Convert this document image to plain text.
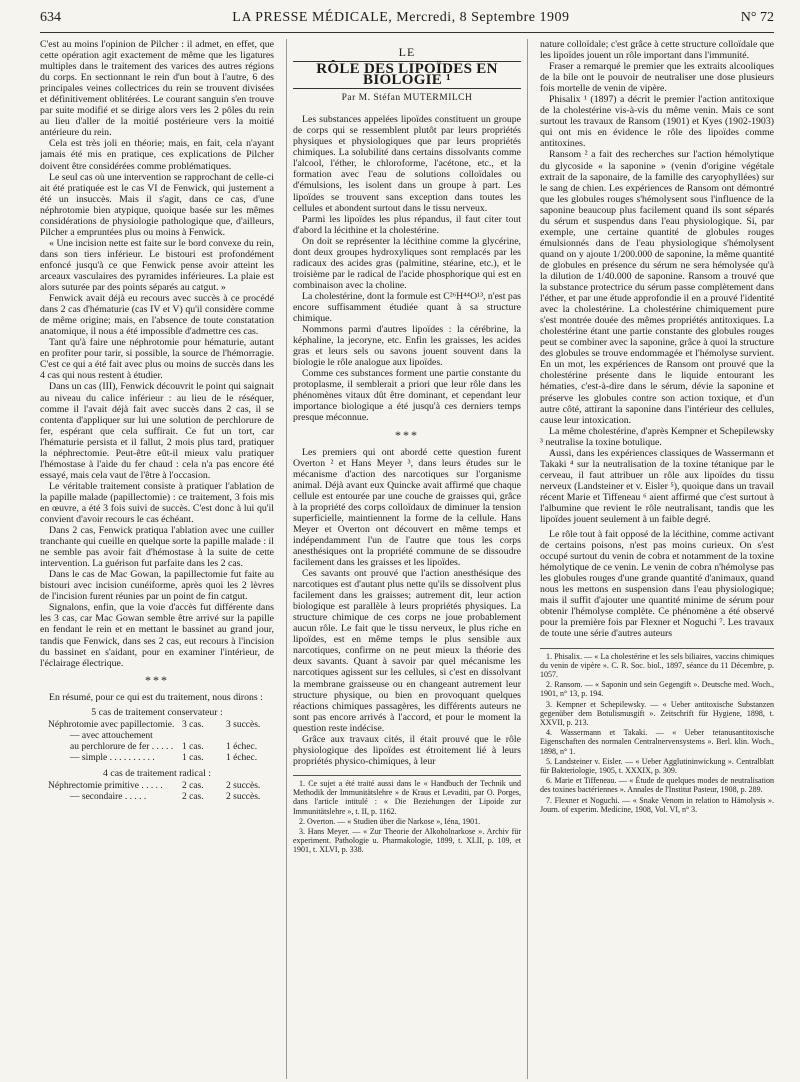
634	LA PRESSE MÉDICALE, Mercredi, 8 Septembre 1909	N° 72

C'est au moins l'opinion de Pilcher : il admet, en effet, que cette opération agit exactement de même que les ligatures multiples dans le traitement des varices des autres régions du corps. En sectionnant le rein d'un bout à l'autre, 6 des principales veines collectrices du rein se trouvent divisées et définitivement oblitérées. Le courant sanguin s'en trouve par suite modifié et se dirige alors vers les 2 pôles du rein au lieu d'aller de la moitié postérieure vers la moitié antérieure du rein.

Cela est très joli en théorie; mais, en fait, cela n'ayant jamais été mis en pratique, ces explications de Pilcher doivent être considérées comme problématiques.

Le seul cas où une intervention se rapprochant de celle-ci ait été pratiquée est le cas VI de Fenwick, qui justement a été un insuccès. Mais il s'agit, dans ce cas, d'une néphrotomie bien atypique, quoique basée sur les mêmes considérations de physiologie pathologique que, d'ailleurs, Pilcher a empruntées plus ou moins à Fenwick.

« Une incision nette est faite sur le bord convexe du rein, dans son tiers inférieur. Le bistouri est profondément enfoncé jusqu'à ce que Fenwick pense avoir atteint les arceaux vasculaires des pyramides inférieures. La plaie est alors suturée par des points séparés au catgut. »

Fenwick avait déjà eu recours avec succès à ce procédé dans 2 cas d'hématurie (cas IV et V) qu'il considère comme de même origine; mais, en l'absence de toute constatation anatomique, il nous a été impossible d'admettre ces cas.

Tant qu'à faire une néphrotomie pour hématurie, autant en profiter pour tarir, si possible, la source de l'hémorragie. C'est ce qui a été fait avec plus ou moins de succès dans les 4 cas qui nous restent à étudier.

Dans un cas (III), Fenwick découvrit le point qui saignait au niveau du calice inférieur : au lieu de le réséquer, comme il l'avait déjà fait avec succès dans 2 cas, il se contenta d'appliquer sur lui une solution de perchlorure de fer, espérant que cela suffirait. Ce fut un tort, car l'hématurie persista et il fallut, 2 mois plus tard, pratiquer la néphrectomie. Peut-être eût-il mieux valu pratiquer l'hémostase à l'aide du fer chaud : cela n'a pas encore été essayé, mais cela vaut de l'être à l'occasion.

Le véritable traitement consiste à pratiquer l'ablation de la papille malade (papillectomie) : ce traitement, 3 fois mis en œuvre, a été 3 fois suivi de succès. C'est donc à lui qu'il convient d'avoir recours le cas échéant.

Dans 2 cas, Fenwick pratiqua l'ablation avec une cuiller tranchante qui cueille en quelque sorte la papille malade : il ne semble pas avoir fait d'hémostase à la suite de cette intervention. La guérison fut parfaite dans les 2 cas.

Dans le cas de Mac Gowan, la papillectomie fut faite au bistouri avec incision cunéiforme, après quoi les 2 lèvres de l'incision furent réunies par un point de fin catgut.

Signalons, enfin, que la voie d'accès fut différente dans les 3 cas, car Mac Gowan semble être arrivé sur la papille en fendant le rein et en mettant le bassinet au grand jour, tandis que Fenwick, dans ses 2 cas, eut recours à l'incision du bassinet en s'aidant, pour en examiner l'intérieur, de l'éclairage électrique.

***

En résumé, pour ce qui est du traitement, nous dirons :

5 cas de traitement conservateur :
Néphrotomie avec papillectomie. 3 cas.	3 succès.
— avec attouchement
au perchlorure de fer . . . . . 1 cas.	1 échec.
— simple . . . . . . . . . .	1 cas.	1 échec.
4 cas de traitement radical :
Néphrectomie primitive . . . . .	2 cas.	2 succès.
— secondaire . . . . .	2 cas.	2 succès.
LE
RÔLE DES LIPOÏDES EN BIOLOGIE ¹
Par M. Stéfan MUTERMILCH

Les substances appelées lipoïdes constituent un groupe de corps qui se ressemblent plutôt par leurs propriétés physiques et physiologiques que par leurs propriétés chimiques. La solubilité dans certains dissolvants comme l'alcool, l'éther, le chloroforme, l'acétone, etc., et la formation avec l'eau de solutions colloïdales ou d'émulsions, les isolent dans un groupe à part. Les lipoïdes se trouvent sans exception dans toutes les cellules et abondent surtout dans le tissu nerveux.

Parmi les lipoïdes les plus répandus, il faut citer tout d'abord la lécithine et la cholestérine.

On doit se représenter la lécithine comme la glycérine, dont deux groupes hydroxyliques sont remplacés par les radicaux des acides gras (palmitine, stéarine, etc.), et le troisième par le radical de l'acide phosphorique qui est en combinaison avec la choline.

La cholestérine, dont la formule est C²⁶H⁴⁴O¹³, n'est pas encore suffisamment étudiée quant à sa structure chimique.

Nommons parmi d'autres lipoïdes : la cérébrine, la képhaline, la jecoryne, etc. Enfin les graisses, les acides gras et leurs sels ou savons jouent souvent dans la biologie le rôle analogue aux lipoïdes.

Comme ces substances forment une partie constante du protoplasme, il semblerait a priori que leur rôle dans les phénomènes vitaux dût être dominant, et cependant leur importance biologique a été jusqu'à ces derniers temps presque méconnue.

***

Les premiers qui ont abordé cette question furent Overton ² et Hans Meyer ³, dans leurs études sur le mécanisme d'action des narcotiques sur l'organisme animal. Déjà avant eux Quincke avait affirmé que chaque cellule est entourée par une couche de graisses qui, grâce à la propriété des corps colloïdaux de diminuer la tension superficielle, maintiennent la forme de la cellule. Hans Meyer et Overton ont découvert en même temps et indépendamment l'un de l'autre que tous les corps anesthésiques ont la propriété commune de se dissoudre facilement dans les graisses et les lipoïdes.

Ces savants ont prouvé que l'action anesthésique des narcotiques est d'autant plus nette qu'ils se dissolvent plus facilement dans les graisses; autrement dit, leur action biologique est parallèle à leurs propriétés physiques. La structure chimique de ces corps ne joue probablement aucun rôle. Le fait que le tissu nerveux, le plus riche en lipoïdes, est en même temps le plus sensible aux narcotiques, confirme on ne peut mieux la théorie des deux savants. Quant à savoir par quel mécanisme les narcotiques agissent sur les cellules, si c'est en dissolvant la membrane graisseuse ou en changeant autrement leur structure physique, ou bien en provoquant quelques réactions chimiques passagères, les différents auteurs ne sont pas encore arrivés à l'accord, et pour le moment la question reste indécise.

Grâce aux travaux cités, il était prouvé que le rôle physiologique des lipoïdes est étroitement lié à leurs propriétés physico-chimiques, à leur

1. Ce sujet a été traité aussi dans le « Handbuch der Technik und Methodik der Immunitätslehre » de Kraus et Levaditi, par O. Porges, dans l'article intitulé : « Die Beziehungen der Lipoide zur Immunitätslehre », t. II, p. 1162.

2. Overton. — « Studien über die Narkose », Iéna, 1901.

3. Hans Meyer. — « Zur Theorie der Alkoholnarkose ». Archiv für experiment. Pathologie u. Pharmakologie, 1899, t. XLII, p. 109, et 1901, t. XLVI, p. 338.

nature colloïdale; c'est grâce à cette structure colloïdale que les lipoïdes jouent un rôle important dans l'immunité.

Fraser a remarqué le premier que les extraits alcooliques de la bile ont le pouvoir de neutraliser une dose plusieurs fois mortelle de venin de vipère.

Phisalix ¹ (1897) a décrit le premier l'action antitoxique de la cholestérine vis-à-vis du même venin. Mais ce sont surtout les travaux de Ransom (1901) et Kyes (1902-1903) qui ont mis en évidence le rôle des lipoïdes comme antitoxines.

Ransom ² a fait des recherches sur l'action hémolytique du glycoside « la saponine » (venin d'origine végétale extrait de la saponaire, de la famille des caryophyllées) sur le sang de chien. Les expériences de Ransom ont démontré que les globules rouges s'hémolysent sous l'influence de la saponine beaucoup plus facilement quand ils sont séparés du sérum et suspendus dans l'eau physiologique. Si, par exemple, une certaine quantité de globules rouges émulsionnés dans de l'eau physiologique s'hémolysent quand on y ajoute 1/200.000 de saponine, la même quantité de globules en présence du sérum ne sera hémolysée qu'à la dilution de 1/40.000 de saponine. Ransom a trouvé que la substance protectrice du sérum passe complètement dans l'éther, et par une étude approfondie il en a prouvé l'identité avec la cholestérine. La cholestérine chimiquement pure s'est montrée douée des mêmes propriétés antitoxiques. La cholestérine étant une partie constante des globules rouges peut se combiner avec la saponine, grâce à quoi la structure des globules se trouve endommagée et l'hémolyse survient. En un mot, les expériences de Ransom ont prouvé que la cholestérine présente dans le liquide entourant les hématies, c'est-à-dire dans le sérum, dévie la saponine et préserve les globules contre son action toxique, et d'un autre côté, attirant la saponine dans l'intérieur des cellules, cause leur intoxication.

La même cholestérine, d'après Kempner et Schepilewsky ³ neutralise la toxine botulique.

Aussi, dans les expériences classiques de Wassermann et Takaki ⁴ sur la neutralisation de la toxine tétanique par le cerveau, il faut attribuer un rôle aux lipoïdes du tissu nerveux (Landsteiner et v. Eisler ⁵), quoique dans un travail récent Marie et Tiffeneau ⁶ aient affirmé que c'est surtout à l'albumine que revient le rôle neutralisant, tandis que les lipoïdes jouent seulement à un faible degré.

Le rôle tout à fait opposé de la lécithine, comme activant de certains poisons, n'est pas moins curieux. On s'est occupé surtout du venin de cobra et notamment de la toxine hémolytique de ce venin. Le venin de cobra n'hémolyse pas les globules rouges d'une grande quantité d'animaux, quand nous les mettons en suspension dans l'eau physiologique; mais il suffit d'ajouter une quantité minime de sérum pour obtenir l'hémolyse complète. Ce phénomène a été observé pour la première fois par Flexner et Noguchi ⁷. Les travaux de toute une série d'autres auteurs

1. Phisalix. — « La cholestérine et les sels biliaires, vaccins chimiques du venin de vipère ». C. R. Soc. biol., 1897, séance du 11 Décembre, p. 1057.

2. Ransom. — « Saponin und sein Gegengift ». Deutsche med. Woch., 1901, n° 13, p. 194.

3. Kempner et Schepilewsky. — « Ueber antitoxische Substanzen gegenüber dem Botulismusgift ». Zeitschrift für Hygiene, 1898, t. XXVII, p. 213.

4. Wassermann et Takaki. — « Ueber tetanusantitoxische Eigenschaften des normalen Centralnervensystems ». Berl. klin. Woch., 1898, n° 1.

5. Landsteiner v. Eisler. — « Ueber Agglutininwickung ». Centralblatt für Bakteriologie, 1905, t. XXXIX, p. 309.

6. Marie et Tiffeneau. — « Étude de quelques modes de neutralisation des toxines bactériennes ». Annales de l'Institut Pasteur, 1908, p. 289.

7. Flexner et Noguchi. — « Snake Venom in relation to Hämolysis ». Journ. of experim. Medicine, 1908, Vol. VI, n° 3.
